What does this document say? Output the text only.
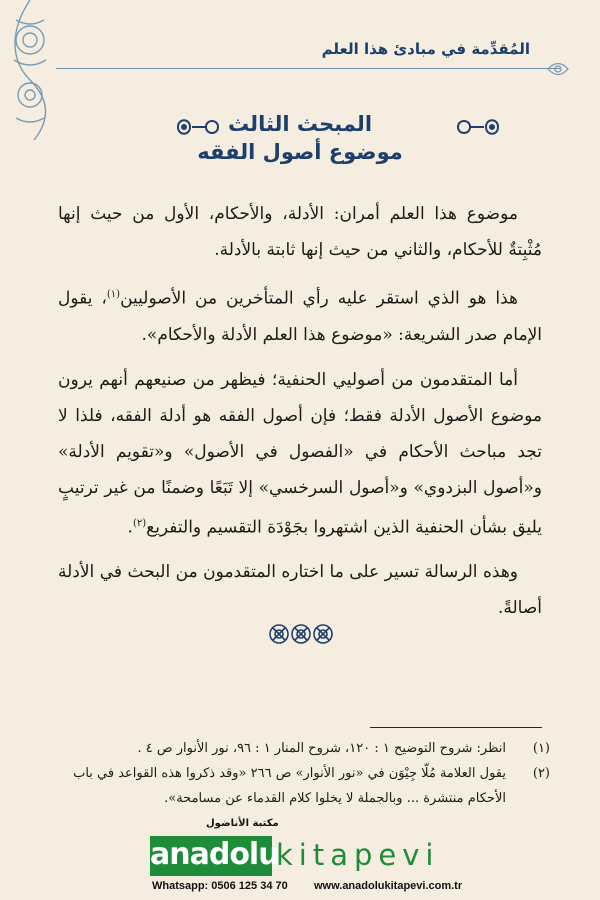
المُقدِّمة في مبادئ هذا العلم
المبحث الثالث
موضوع أصول الفقه

موضوع هذا العلم أمران: الأدلة، والأحكام، الأول من حيث إنها مُثْبِتةٌ للأحكام، والثاني من حيث إنها ثابتة بالأدلة.

هذا هو الذي استقر عليه رأي المتأخرين من الأصوليين$^{(١)}$، يقول الإمام صدر الشريعة: «موضوع هذا العلم الأدلة والأحكام».

أما المتقدمون من أصوليي الحنفية؛ فيظهر من صنيعهم أنهم يرون موضوع الأصول الأدلة فقط؛ فإن أصول الفقه هو أدلة الفقه، فلذا لا تجد مباحث الأحكام في «الفصول في الأصول» و«تقويم الأدلة» و«أصول البزدوي» و«أصول السرخسي» إلا تَبَعًا وضمنًا من غير ترتيبٍ يليق بشأن الحنفية الذين اشتهروا بجَوْدَة التقسيم والتفريع$^{(٢)}$.

وهذه الرسالة تسير على ما اختاره المتقدمون من البحث في الأدلة أصالةً.

(١)
انظر: شروح التوضيح ١ : ١٢٠، شروح المنار ١ : ٩٦، نور الأنوار ص ٤ .
(٢)
يقول العلامة مُلّا جِيْوَن في «نور الأنوار» ص ٢٦٦ «وقد ذكروا هذه القواعد في باب الأحكام منتشرة ... وبالجملة لا يخلوا كلام القدماء عن مسامحة».
مكتبة الأناضول
anadolu
kitapevi
Whatsapp: 0506 125 34 70 www.anadolukitapevi.com.tr
